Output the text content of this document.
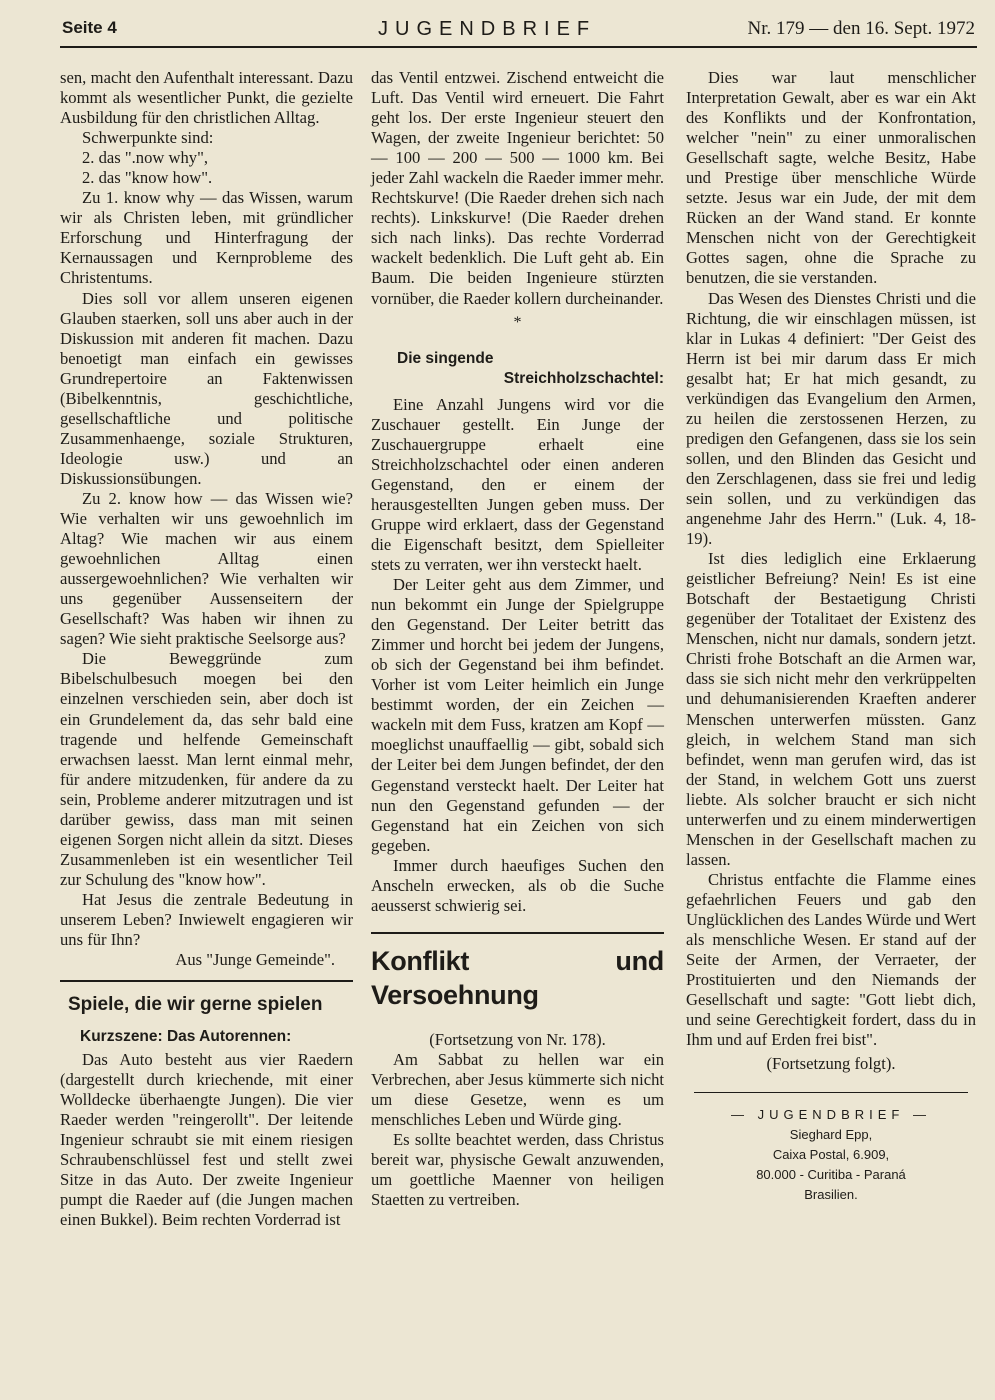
Seite 4	JUGENDBRIEF	Nr. 179 — den 16. Sept. 1972

sen, macht den Aufenthalt interessant. Dazu kommt als wesentlicher Punkt, die gezielte Ausbildung für den christlichen Alltag.

Schwerpunkte sind:

2. das ".now why",

2. das "know how".

Zu 1. know why — das Wissen, warum wir als Christen leben, mit gründlicher Erforschung und Hinterfragung der Kernaussagen und Kernprobleme des Christentums.

Dies soll vor allem unseren eigenen Glauben staerken, soll uns aber auch in der Diskussion mit anderen fit machen. Dazu benoetigt man einfach ein gewisses Grundrepertoire an Faktenwissen (Bibelkenntnis, geschichtliche, gesellschaftliche und politische Zusammenhaenge, soziale Strukturen, Ideologie usw.) und an Diskussionsübungen.

Zu 2. know how — das Wissen wie? Wie verhalten wir uns gewoehnlich im Altag? Wie machen wir aus einem gewoehnlichen Alltag einen aussergewoehnlichen? Wie verhalten wir uns gegenüber Aussenseitern der Gesellschaft? Was haben wir ihnen zu sagen? Wie sieht praktische Seelsorge aus?

Die Beweggründe zum Bibelschulbesuch moegen bei den einzelnen verschieden sein, aber doch ist ein Grundelement da, das sehr bald eine tragende und helfende Gemeinschaft erwachsen laesst. Man lernt einmal mehr, für andere mitzudenken, für andere da zu sein, Probleme anderer mitzutragen und ist darüber gewiss, dass man mit seinen eigenen Sorgen nicht allein da sitzt. Dieses Zusammenleben ist ein wesentlicher Teil zur Schulung des "know how".

Hat Jesus die zentrale Bedeutung in unserem Leben? Inwiewelt engagieren wir uns für Ihn?

Aus "Junge Gemeinde".

Spiele, die wir gerne spielen
Kurzszene: Das Autorennen:

Das Auto besteht aus vier Raedern (dargestellt durch kriechende, mit einer Wolldecke überhaengte Jungen). Die vier Raeder werden "reingerollt". Der leitende Ingenieur schraubt sie mit einem riesigen Schraubenschlüssel fest und stellt zwei Sitze in das Auto. Der zweite Ingenieur pumpt die Raeder auf (die Jungen machen einen Bukkel). Beim rechten Vorderrad ist

das Ventil entzwei. Zischend entweicht die Luft. Das Ventil wird erneuert. Die Fahrt geht los. Der erste Ingenieur steuert den Wagen, der zweite Ingenieur berichtet: 50 — 100 — 200 — 500 — 1000 km. Bei jeder Zahl wackeln die Raeder immer mehr. Rechtskurve! (Die Raeder drehen sich nach rechts). Linkskurve! (Die Raeder drehen sich nach links). Das rechte Vorderrad wackelt bedenklich. Die Luft geht ab. Ein Baum. Die beiden Ingenieure stürzten vornüber, die Raeder kollern durcheinander.

*
Die singende
Streichholzschachtel:

Eine Anzahl Jungens wird vor die Zuschauer gestellt. Ein Junge der Zuschauergruppe erhaelt eine Streichholzschachtel oder einen anderen Gegenstand, den er einem der herausgestellten Jungen geben muss. Der Gruppe wird erklaert, dass der Gegenstand die Eigenschaft besitzt, dem Spielleiter stets zu verraten, wer ihn versteckt haelt.

Der Leiter geht aus dem Zimmer, und nun bekommt ein Junge der Spielgruppe den Gegenstand. Der Leiter betritt das Zimmer und horcht bei jedem der Jungens, ob sich der Gegenstand bei ihm befindet. Vorher ist vom Leiter heimlich ein Junge bestimmt worden, der ein Zeichen — wackeln mit dem Fuss, kratzen am Kopf — moeglichst unauffaellig — gibt, sobald sich der Leiter bei dem Jungen befindet, der den Gegenstand versteckt haelt. Der Leiter hat nun den Gegenstand gefunden — der Gegenstand hat ein Zeichen von sich gegeben.

Immer durch haeufiges Suchen den Anscheln erwecken, als ob die Suche aeusserst schwierig sei.

Konflikt und Versoehnung

(Fortsetzung von Nr. 178).

Am Sabbat zu hellen war ein Verbrechen, aber Jesus kümmerte sich nicht um diese Gesetze, wenn es um menschliches Leben und Würde ging.

Es sollte beachtet werden, dass Christus bereit war, physische Gewalt anzuwenden, um goettliche Maenner von heiligen Staetten zu vertreiben.

Dies war laut menschlicher Interpretation Gewalt, aber es war ein Akt des Konflikts und der Konfrontation, welcher "nein" zu einer unmoralischen Gesellschaft sagte, welche Besitz, Habe und Prestige über menschliche Würde setzte. Jesus war ein Jude, der mit dem Rücken an der Wand stand. Er konnte Menschen nicht von der Gerechtigkeit Gottes sagen, ohne die Sprache zu benutzen, die sie verstanden.

Das Wesen des Dienstes Christi und die Richtung, die wir einschlagen müssen, ist klar in Lukas 4 definiert: "Der Geist des Herrn ist bei mir darum dass Er mich gesalbt hat; Er hat mich gesandt, zu verkündigen das Evangelium den Armen, zu heilen die zerstossenen Herzen, zu predigen den Gefangenen, dass sie los sein sollen, und den Blinden das Gesicht und den Zerschlagenen, dass sie frei und ledig sein sollen, und zu verkündigen das angenehme Jahr des Herrn." (Luk. 4, 18-19).

Ist dies lediglich eine Erklaerung geistlicher Befreiung? Nein! Es ist eine Botschaft der Bestaetigung Christi gegenüber der Totalitaet der Existenz des Menschen, nicht nur damals, sondern jetzt. Christi frohe Botschaft an die Armen war, dass sie sich nicht mehr den verkrüppelten und dehumanisierenden Kraeften anderer Menschen unterwerfen müssten. Ganz gleich, in welchem Stand man sich befindet, wenn man gerufen wird, das ist der Stand, in welchem Gott uns zuerst liebte. Als solcher braucht er sich nicht unterwerfen und zu einem minderwertigen Menschen in der Gesellschaft machen zu lassen.

Christus entfachte die Flamme eines gefaehrlichen Feuers und gab den Unglücklichen des Landes Würde und Wert als menschliche Wesen. Er stand auf der Seite der Armen, der Verraeter, der Prostituierten und den Niemands der Gesellschaft und sagte: "Gott liebt dich, und seine Gerechtigkeit fordert, dass du in Ihm und auf Erden frei bist".

(Fortsetzung folgt).

— JUGENDBRIEF —
Sieghard Epp,
Caixa Postal, 6.909,
80.000 - Curitiba - Paraná
Brasilien.
